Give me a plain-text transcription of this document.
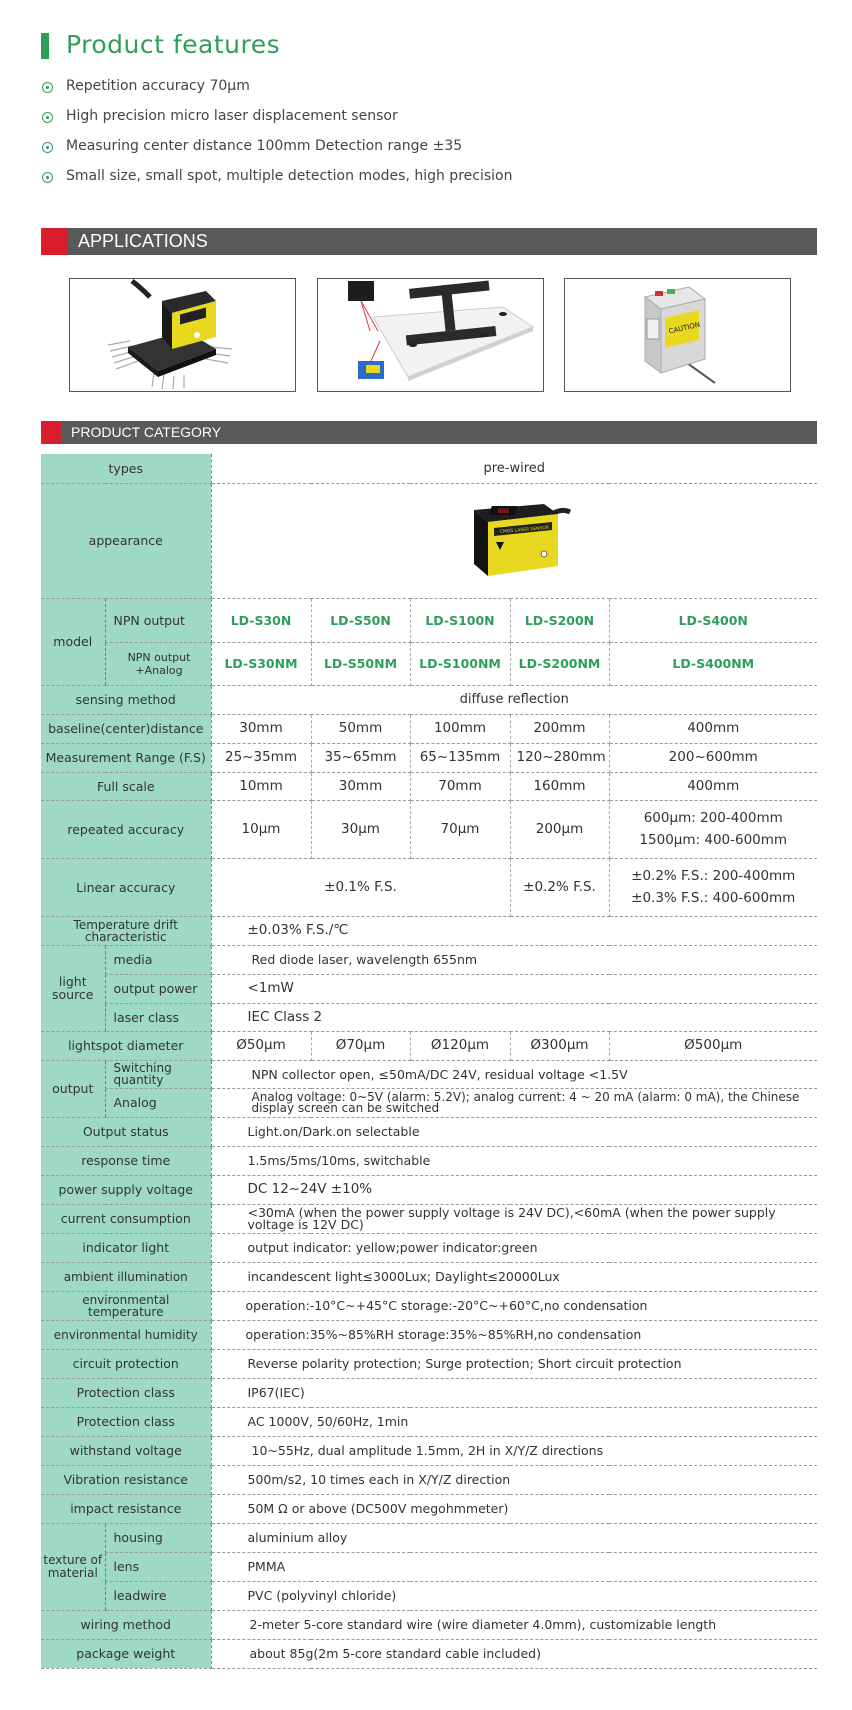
Product features
Repetition accuracy 70μm
High precision micro laser displacement sensor
Measuring center distance 100mm Detection range ±35
Small size, small spot, multiple detection modes, high precision
APPLICATIONS
CAUTION
PRODUCT CATEGORY
types		pre-wired				
appearance		888
CMOS LASER SENSOR				

model	NPN output	LD-S30N	LD-S50N	LD-S100N	LD-S200N	LD-S400N
	NPN output +Analog	LD-S30NM	LD-S50NM	LD-S100NM	LD-S200NM	LD-S400NM
sensing method		diffuse reflection				
baseline(center)distance		30mm	50mm	100mm	200mm	400mm
Measurement Range (F.S)		25~35mm	35~65mm	65~135mm	120~280mm	200~600mm
Full scale		10mm	30mm	70mm	160mm	400mm
repeated accuracy		10μm	30μm	70μm	200μm	600μm: 200-400mm
1500μm: 400-600mm

Linear accuracy		±0.1% F.S.			±0.2% F.S.	±0.2% F.S.: 200-400mm
±0.3% F.S.: 400-600mm

Temperature drift characteristic		±0.03% F.S./℃				
light source	media	Red diode laser, wavelength 655nm				
	output power	<1mW				
	laser class	IEC Class 2				
lightspot diameter		Ø50μm	Ø70μm	Ø120μm	Ø300μm	Ø500μm
output	Switching quantity	NPN collector open, ≤50mA/DC 24V, residual voltage <1.5V				
	Analog	Analog voltage: 0~5V (alarm: 5.2V); analog current: 4 ~ 20 mA (alarm: 0 mA), the Chinese display screen can be switched				
Output status		Light.on/Dark.on selectable				
response time		1.5ms/5ms/10ms, switchable				
power supply voltage		DC 12~24V ±10%				
current consumption		<30mA (when the power supply voltage is 24V DC),<60mA (when the power supply voltage is 12V DC)				
indicator light		output indicator: yellow;power indicator:green				
ambient illumination		incandescent light≤3000Lux; Daylight≤20000Lux				
environmental temperature		operation:-10°C~+45°C storage:-20°C~+60°C,no condensation				
environmental humidity		operation:35%~85%RH storage:35%~85%RH,no condensation				
circuit protection		Reverse polarity protection; Surge protection; Short circuit protection				
Protection class		IP67(IEC)				
Protection class		AC 1000V, 50/60Hz, 1min				
withstand voltage		10~55Hz, dual amplitude 1.5mm, 2H in X/Y/Z directions				
Vibration resistance		500m/s2, 10 times each in X/Y/Z direction				
impact resistance		50M Ω or above (DC500V megohmmeter)				
texture of material	housing	aluminium alloy				
	lens	PMMA				
	leadwire	PVC (polyvinyl chloride)				
wiring method		2-meter 5-core standard wire (wire diameter 4.0mm), customizable length				
package weight		about 85g(2m 5-core standard cable included)				
